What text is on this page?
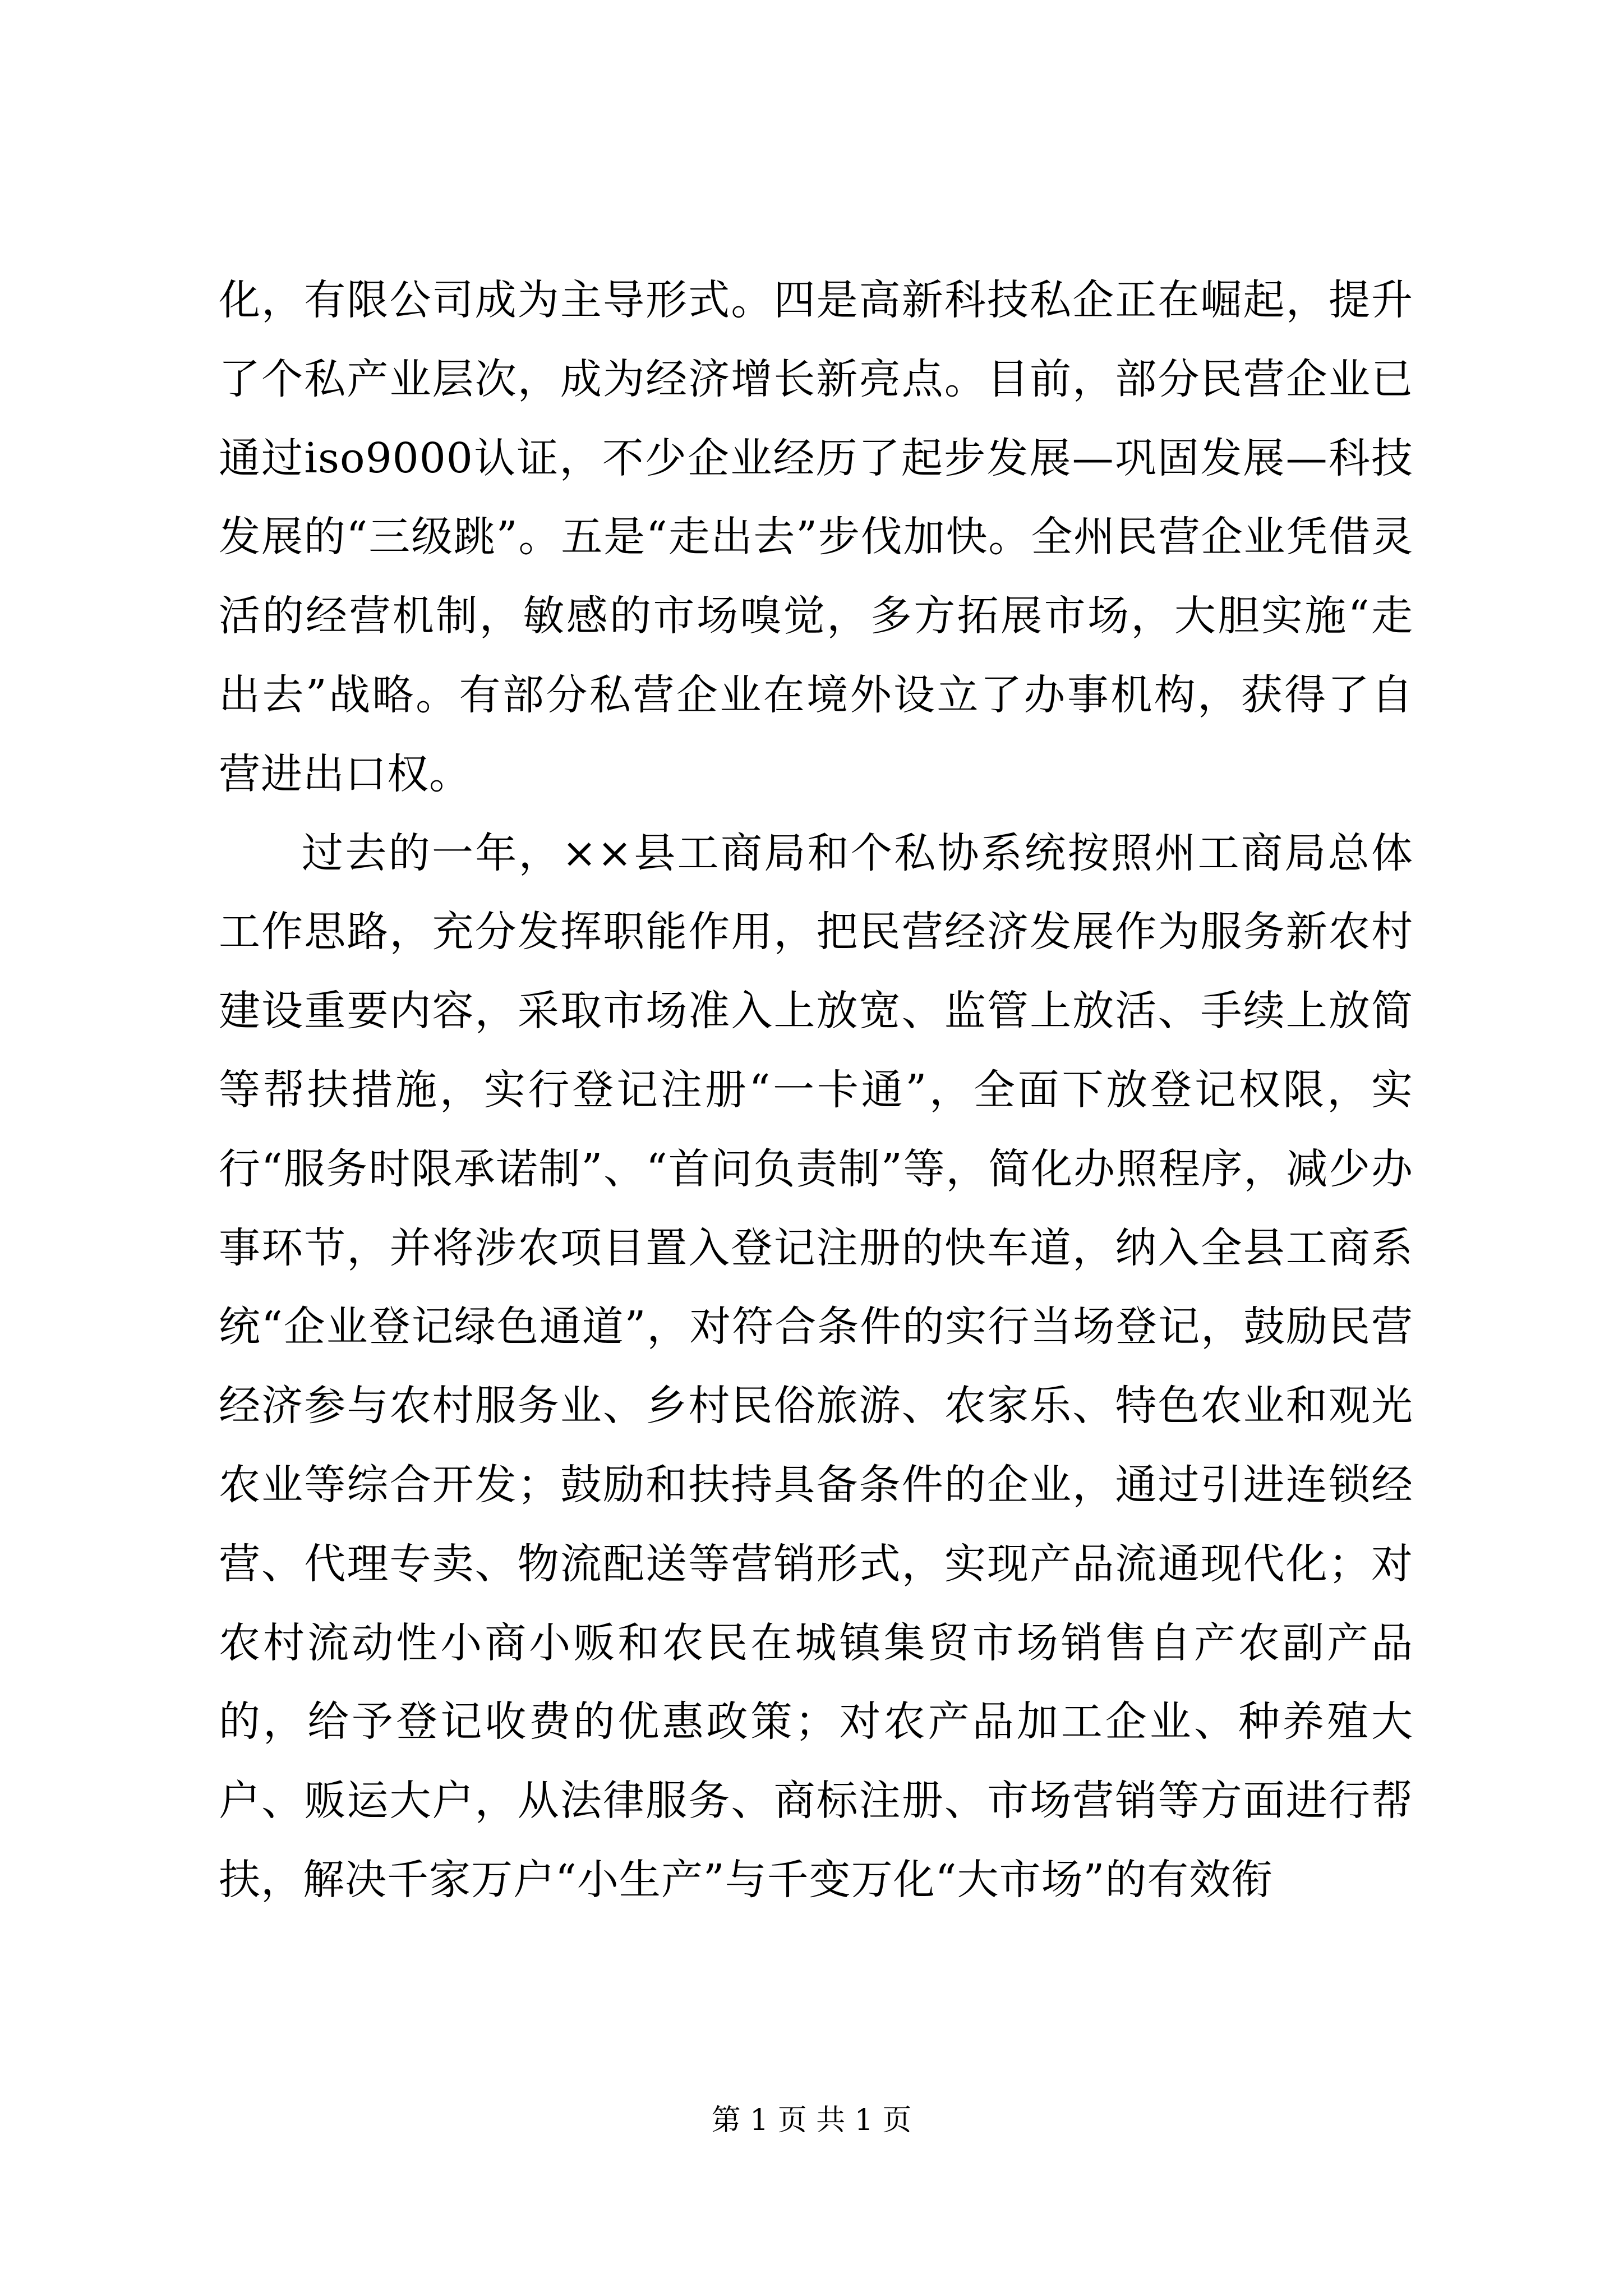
化，有限公司成为主导形式。四是高新科技私企正在崛起，提升了个私产业层次，成为经济增长新亮点。目前，部分民营企业已通过iso9000认证，不少企业经历了起步发展—巩固发展—科技发展的“三级跳”。五是“走出去”步伐加快。全州民营企业凭借灵活的经营机制，敏感的市场嗅觉，多方拓展市场，大胆实施“走出去”战略。有部分私营企业在境外设立了办事机构，获得了自营进出口权。

过去的一年，××县工商局和个私协系统按照州工商局总体工作思路，充分发挥职能作用，把民营经济发展作为服务新农村建设重要内容，采取市场准入上放宽、监管上放活、手续上放简等帮扶措施，实行登记注册“一卡通”，全面下放登记权限，实行“服务时限承诺制”、“首问负责制”等，简化办照程序，减少办事环节，并将涉农项目置入登记注册的快车道，纳入全县工商系统“企业登记绿色通道”，对符合条件的实行当场登记，鼓励民营经济参与农村服务业、乡村民俗旅游、农家乐、特色农业和观光农业等综合开发；鼓励和扶持具备条件的企业，通过引进连锁经营、代理专卖、物流配送等营销形式，实现产品流通现代化；对农村流动性小商小贩和农民在城镇集贸市场销售自产农副产品的，给予登记收费的优惠政策；对农产品加工企业、种养殖大户、贩运大户，从法律服务、商标注册、市场营销等方面进行帮扶，解决千家万户“小生产”与千变万化“大市场”的有效衔

第 1 页 共 1 页
